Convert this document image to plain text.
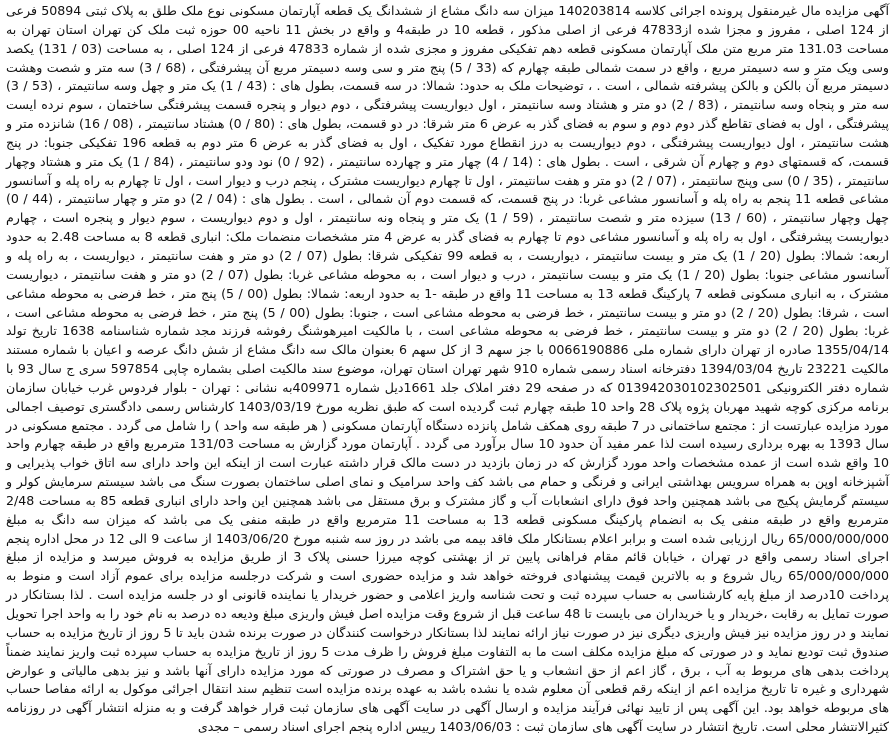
آگهی مزایده مال غیرمنقول پرونده اجرائی کلاسه 140203814 میزان سه دانگ مشاع از ششدانگ یک قطعه آپارتمان مسکونی نوع ملک طلق به پلاک ثبتی 50894 فرعی از 124 اصلی ، مفروز و مجزا شده از47833 فرعی از اصلی مذکور ، قطعه 10 در طبقه4 و واقع در بخش 11 ناحیه 00 حوزه ثبت ملک کن تهران استان تهران به مساحت 131.03 متر مربع متن ملک آپارتمان مسکونی قطعه دهم تفکیکی مفروز و مجزی شده از شماره 47833 فرعی از 124 اصلی ، به مساحت (03 / 131) یکصد وسی ویک متر و سه دسیمتر مربع ، واقع در سمت شمالی طبقه چهارم که (33 / 5) پنج متر و سی وسه دسیمتر مربع آن پیشرفتگی ، (68 / 3) سه متر و شصت وهشت دسیمتر مربع آن بالکن و بالکن پیشرفته شمالی ، است . ، توضیحات ملک به حدود: شمالا: در سه قسمت، بطول های : (43 / 1) یک متر و چهل وسه سانتیمتر ، (53 / 3) سه متر و پنجاه وسه سانتیمتر ، (83 / 2) دو متر و هشتاد وسه سانتیمتر ، اول دیواریست پیشرفتگی ، دوم دیوار و پنجره قسمت پیشرفتگی ساختمان ، سوم نرده ایست پیشرفتگی ، اول به فضای تقاطع گذر دوم دوم و سوم به فضای گذر به عرض 6 متر شرقا: در دو قسمت، بطول های : (80 / 0) هشتاد سانتیمتر ، (08 / 16) شانزده متر و هشت سانتیمتر ، اول دیواریست پیشرفتگی ، دوم دیواریست به درز انقطاع مورد تفکیک ، اول به فضای گذر به عرض 6 متر دوم به قطعه 196 تفکیکی جنوبا: در پنج قسمت، که قسمتهای دوم و چهارم آن شرقی ، است . بطول های : (14 / 4) چهار متر و چهارده سانتیمتر ، (92 / 0) نود ودو سانتیمتر ، (84 / 1) یک متر و هشتاد وچهار سانتیمتر ، (35 / 0) سی وپنج سانتیمتر ، (07 / 2) دو متر و هفت سانتیمتر ، اول تا چهارم دیواریست مشترک ، پنجم درب و دیوار است ، اول تا چهارم به راه پله و آسانسور مشاعی قطعه 11 پنجم به راه پله و آسانسور مشاعی غربا: در پنج قسمت، که قسمت دوم آن شمالی ، است . بطول های : (04 / 2) دو متر و چهار سانتیمتر ، (44 / 0) چهل وچهار سانتیمتر ، (60 / 13) سیزده متر و شصت سانتیمتر ، (59 / 1) یک متر و پنجاه ونه سانتیمتر ، اول و دوم دیواریست ، سوم دیوار و پنجره است ، چهارم دیواریست پیشرفتگی ، اول به راه پله و آسانسور مشاعی دوم تا چهارم به فضای گذر به عرض 4 متر مشخصات منضمات ملک: انباری قطعه 8 به مساحت 2.48 به حدود اربعه: شمالا: بطول (20 / 1) یک متر و بیست سانتیمتر ، دیواریست ، به قطعه 99 تفکیکی شرقا: بطول (07 / 2) دو متر و هفت سانتیمتر ، دیواریست ، به راه پله و آسانسور مشاعی جنوبا: بطول (20 / 1) یک متر و بیست سانتیمتر ، درب و دیوار است ، به محوطه مشاعی غربا: بطول (07 / 2) دو متر و هفت سانتیمتر ، دیواریست مشترک ، به انباری مسکونی قطعه 7 پارکینگ قطعه 13 به مساحت 11 واقع در طبقه -1 به حدود اربعه: شمالا: بطول (00 / 5) پنج متر ، خط فرضی به محوطه مشاعی است ، شرقا: بطول (20 / 2) دو متر و بیست سانتیمتر ، خط فرضی به محوطه مشاعی است ، جنوبا: بطول (00 / 5) پنج متر ، خط فرضی به محوطه مشاعی است ، غربا: بطول (20 / 2) دو متر و بیست سانتیمتر ، خط فرضی به محوطه مشاعی است ، با مالکیت امیرهوشنگ رفوشه فرزند مجد شماره شناسنامه 1638 تاریخ تولد 1355/04/14 صادره از تهران دارای شماره ملی 0066190886 با جز سهم 3 از کل سهم 6 بعنوان مالک سه دانگ مشاع از شش دانگ عرصه و اعیان با شماره مستند مالکیت 23221 تاریخ 1394/03/04 دفترخانه اسناد رسمی شماره 910 شهر تهران استان تهران، موضوع سند مالکیت اصلی بشماره چاپی 597854 سری ج سال 93 با شماره دفتر الکترونیکی 013942030102302501 که در صفحه 29 دفتر املاک جلد 1661دیل شماره 409971به نشانی : تهران - بلوار فردوس غرب خیابان سازمان برنامه مرکزی کوچه شهید مهربان پژوه پلاک 28 واحد 10 طبقه چهارم ثبت گردیده است که طبق نظریه مورخ 1403/03/19 کارشناس رسمی دادگستری توصیف اجمالی مورد مزایده عبارتست از : مجتمع ساختمانی در 7 طبقه روی همکف شامل پانزده دستگاه آپارتمان مسکونی ( هر طبقه سه واحد ) را شامل می گردد . مجتمع مسکونی در سال 1393 به بهره برداری رسیده است لذا عمر مفید آن حدود 10 سال برآورد می گردد . آپارتمان مورد گزارش به مساحت 131/03 مترمربع واقع در طبقه چهارم واحد 10 واقع شده است از عمده مشخصات واحد مورد گزارش که در زمان بازدید در دست مالک قرار داشته عبارت است از اینکه این واحد دارای سه اتاق خواب پذیرایی و آشپزخانه اوپن به همراه سرویس بهداشتی ایرانی و فرنگی و حمام می باشد کف واحد سرامیک و نمای اصلی ساختمان بصورت سنگ می باشد سیستم سرمایش کولر و سیستم گرمایش پکیج می باشد همچنین واحد فوق دارای انشعابات آب و گاز مشترک و برق مستقل می باشد همچنین این واحد دارای انباری قطعه 85 به مساحت 2/48 مترمربع واقع در طبقه منفی یک به انضمام پارکینگ مسکونی قطعه 13 به مساحت 11 مترمربع واقع در طبقه منفی یک می باشد که میزان سه دانگ به مبلغ 65/000/000/000 ریال ارزیابی شده است و برابر اعلام بستانکار ملک فاقد بیمه می باشد در روز سه شنبه مورخ 1403/06/20 از ساعت 9 الی 12 در محل اداره پنجم اجرای اسناد رسمی واقع در تهران ، خیابان قائم مقام فراهانی پایین تر از بهشتی کوچه میرزا حسنی پلاک 3 از طریق مزایده به فروش میرسد و مزایده از مبلغ 65/000/000/000 ریال شروع و به بالاترین قیمت پیشنهادی فروخته خواهد شد و مزایده حضوری است و شرکت درجلسه مزایده برای عموم آزاد است و منوط به پرداخت 10درصد از مبلغ پایه کارشناسی به حساب سپرده ثبت و تحت شناسه واریز اعلامی و حضور خریدار یا نماینده قانونی او در جلسه مزایده است . لذا بستانکار در صورت تمایل به رقابت ،خریدار و یا خریداران می بایست تا 48 ساعت قبل از شروع وقت مزایده اصل فیش واریزی مبلغ ودیعه ده درصد به نام خود را به واحد اجرا تحویل نمایند و در روز مزایده نیز فیش واریزی دیگری نیز در صورت نیاز ارائه نمایند لذا بستانکار درخواست کنندگان در صورت برنده شدن باید تا 5 روز از تاریخ مزایده به حساب صندوق ثبت تودیع نماید و در صورتی که مبلغ مزایده مکلف است ما به التفاوت مبلغ فروش را ظرف مدت 5 روز از تاریخ مزایده به حساب سپرده ثبت واریز نمایند ضمناً پرداخت بدهی های مربوط به آب ، برق ، گاز اعم از حق انشعاب و یا حق اشتراک و مصرف در صورتی که مورد مزایده دارای آنها باشد و نیز بدهی مالیاتی و عوارض شهرداری و غیره تا تاریخ مزایده اعم از اینکه رقم قطعی آن معلوم شده یا نشده باشد به عهده برنده مزایده است تنظیم سند انتقال اجرائی موکول به ارائه مفاصا حساب های مربوطه خواهد بود. این آگهی پس از تایید نهائی فرآیند مزایده و ارسال آگهی در سایت آگهی های سازمان ثبت قرار خواهد گرفت و به منزله انتشار آگهی در روزنامه کثیرالانتشار محلی است. تاریخ انتشار در سایت آگهی های سازمان ثبت : 1403/06/03 رییس اداره پنجم اجرای اسناد رسمی – مجدی
